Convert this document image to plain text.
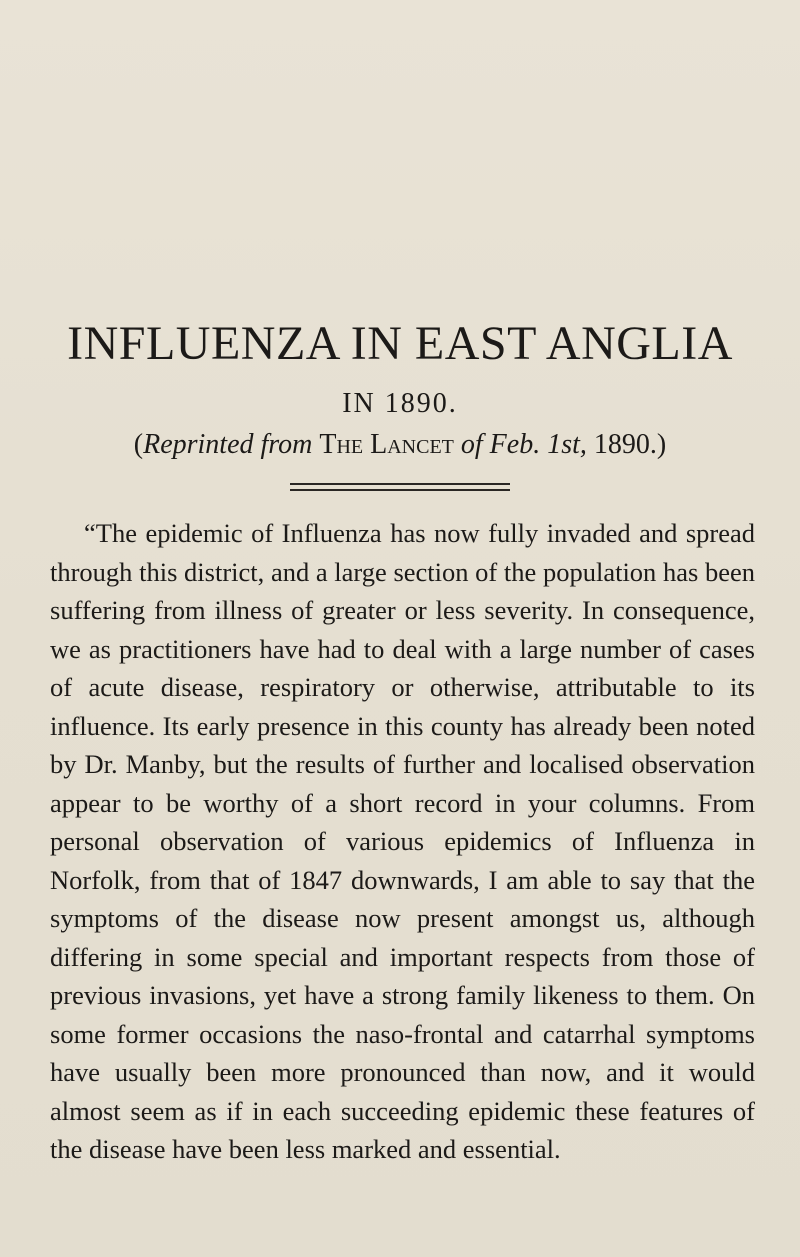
INFLUENZA IN EAST ANGLIA
IN 1890.
(Reprinted from The Lancet of Feb. 1st, 1890.)

“The epidemic of Influenza has now fully invaded and spread through this district, and a large section of the population has been suffering from illness of greater or less severity. In consequence, we as practitioners have had to deal with a large number of cases of acute disease, respiratory or otherwise, attributable to its influence. Its early presence in this county has already been noted by Dr. Manby, but the results of further and localised observation appear to be worthy of a short record in your columns. From personal observation of various epidemics of Influenza in Norfolk, from that of 1847 downwards, I am able to say that the symptoms of the disease now present amongst us, although differing in some special and important respects from those of previous invasions, yet have a strong family likeness to them. On some former occasions the naso-frontal and catarrhal symptoms have usually been more pronounced than now, and it would almost seem as if in each succeeding epidemic these features of the disease have been less marked and essential.
